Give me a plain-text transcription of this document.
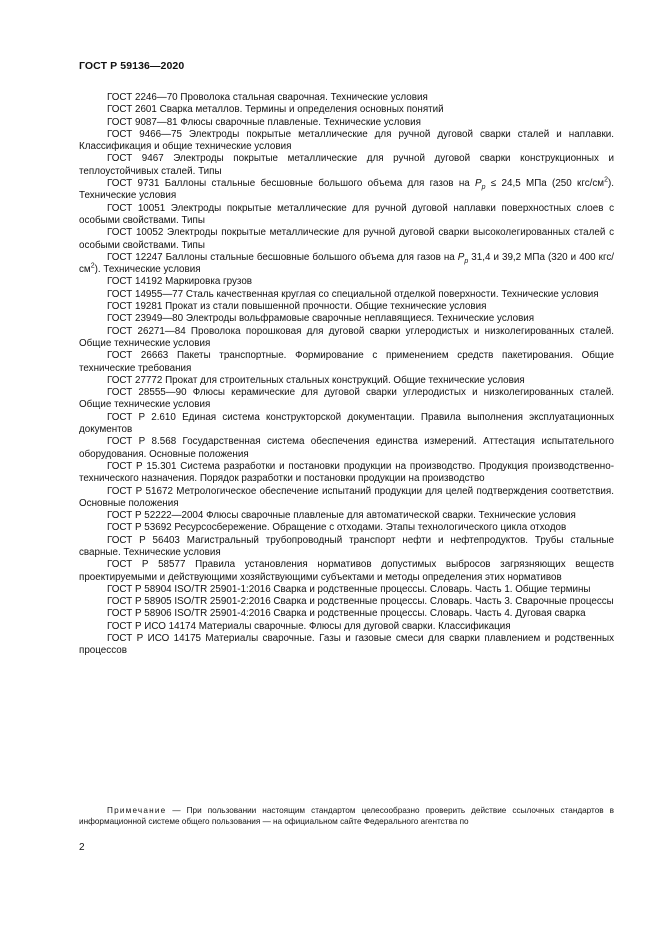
ГОСТ Р 59136—2020

ГОСТ 2246—70 Проволока стальная сварочная. Технические условия

ГОСТ 2601 Сварка металлов. Термины и определения основных понятий

ГОСТ 9087—81 Флюсы сварочные плавленые. Технические условия

ГОСТ 9466—75 Электроды покрытые металлические для ручной дуговой сварки сталей и наплавки. Классификация и общие технические условия

ГОСТ 9467 Электроды покрытые металлические для ручной дуговой сварки конструкционных и теплоустойчивых сталей. Типы

ГОСТ 9731 Баллоны стальные бесшовные большого объема для газов на $P_p \le 24,5$ МПа (250 кгс/$см^2$). Технические условия

ГОСТ 10051 Электроды покрытые металлические для ручной дуговой наплавки поверхностных слоев с особыми свойствами. Типы

ГОСТ 10052 Электроды покрытые металлические для ручной дуговой сварки высоколегированных сталей с особыми свойствами. Типы

ГОСТ 12247 Баллоны стальные бесшовные большого объема для газов на $P_p$ 31,4 и 39,2 МПа (320 и 400 кгс/$см^2$). Технические условия

ГОСТ 14192 Маркировка грузов

ГОСТ 14955—77 Сталь качественная круглая со специальной отделкой поверхности. Технические условия

ГОСТ 19281 Прокат из стали повышенной прочности. Общие технические условия

ГОСТ 23949—80 Электроды вольфрамовые сварочные неплавящиеся. Технические условия

ГОСТ 26271—84 Проволока порошковая для дуговой сварки углеродистых и низколегированных сталей. Общие технические условия

ГОСТ 26663 Пакеты транспортные. Формирование с применением средств пакетирования. Общие технические требования

ГОСТ 27772 Прокат для строительных стальных конструкций. Общие технические условия

ГОСТ 28555—90 Флюсы керамические для дуговой сварки углеродистых и низколегированных сталей. Общие технические условия

ГОСТ Р 2.610 Единая система конструкторской документации. Правила выполнения эксплуатационных документов

ГОСТ Р 8.568 Государственная система обеспечения единства измерений. Аттестация испытательного оборудования. Основные положения

ГОСТ Р 15.301 Система разработки и постановки продукции на производство. Продукция производственно-технического назначения. Порядок разработки и постановки продукции на производство

ГОСТ Р 51672 Метрологическое обеспечение испытаний продукции для целей подтверждения соответствия. Основные положения

ГОСТ Р 52222—2004 Флюсы сварочные плавленые для автоматической сварки. Технические условия

ГОСТ Р 53692 Ресурсосбережение. Обращение с отходами. Этапы технологического цикла отходов

ГОСТ Р 56403 Магистральный трубопроводный транспорт нефти и нефтепродуктов. Трубы стальные сварные. Технические условия

ГОСТ Р 58577 Правила установления нормативов допустимых выбросов загрязняющих веществ проектируемыми и действующими хозяйствующими субъектами и методы определения этих нормативов

ГОСТ Р 58904 ISO/TR 25901-1:2016 Сварка и родственные процессы. Словарь. Часть 1. Общие термины

ГОСТ Р 58905 ISO/TR 25901-2:2016 Сварка и родственные процессы. Словарь. Часть 3. Сварочные процессы

ГОСТ Р 58906 ISO/TR 25901-4:2016 Сварка и родственные процессы. Словарь. Часть 4. Дуговая сварка

ГОСТ Р ИСО 14174 Материалы сварочные. Флюсы для дуговой сварки. Классификация

ГОСТ Р ИСО 14175 Материалы сварочные. Газы и газовые смеси для сварки плавлением и родственных процессов

Примечание — При пользовании настоящим стандартом целесообразно проверить действие ссылочных стандартов в информационной системе общего пользования — на официальном сайте Федерального агентства по

2
